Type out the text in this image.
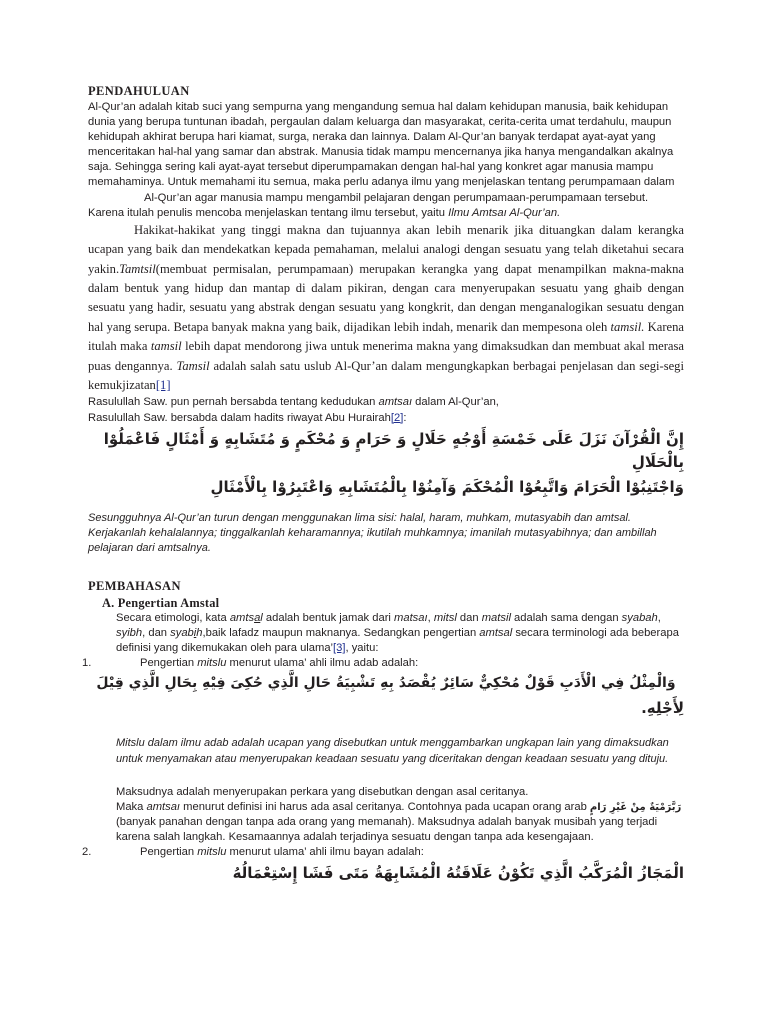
PENDAHULUAN

Al-Qur’an adalah kitab suci yang sempurna yang mengandung semua hal dalam kehidupan manusia, baik kehidupan dunia yang berupa tuntunan ibadah, pergaulan dalam keluarga dan masyarakat, cerita-cerita umat terdahulu, maupun kehidupah akhirat berupa hari kiamat, surga, neraka dan lainnya. Dalam Al-Qur’an banyak terdapat ayat-ayat yang menceritakan hal-hal yang samar dan abstrak. Manusia tidak mampu mencernanya jika hanya mengandalkan akalnya saja. Sehingga sering kali ayat-ayat tersebut diperumpamakan dengan hal-hal yang konkret agar manusia mampu memahaminya. Untuk memahami itu semua, maka perlu adanya ilmu yang menjelaskan tentang perumpamaan dalamAl-Qur’an agar manusia mampu mengambil pelajaran dengan perumpamaan-perumpamaan tersebut. Karena itulah penulis mencoba menjelaskan tentang ilmu tersebut, yaitu Ilmu Amtsaı Al-Qur’an.

Hakikat-hakikat yang tinggi makna dan tujuannya akan lebih menarik jika dituangkan dalam kerangka ucapan yang baik dan mendekatkan kepada pemahaman, melalui analogi dengan sesuatu yang telah diketahui secara yakin.Tamtsil(membuat permisalan, perumpamaan) merupakan kerangka yang dapat menampilkan makna-makna dalam bentuk yang hidup dan mantap di dalam pikiran, dengan cara menyerupakan sesuatu yang ghaib dengan sesuatu yang hadir, sesuatu yang abstrak dengan sesuatu yang kongkrit, dan dengan menganalogikan sesuatu dengan hal yang serupa. Betapa banyak makna yang baik, dijadikan lebih indah, menarik dan mempesona oleh tamsil. Karena itulah maka tamsil lebih dapat mendorong jiwa untuk menerima makna yang dimaksudkan dan membuat akal merasa puas dengannya. Tamsil adalah salah satu uslub Al-Qur’an dalam mengungkapkan berbagai penjelasan dan segi-segi kemukjizatan[1]

Rasulullah Saw. pun pernah bersabda tentang kedudukan amtsaı dalam Al-Qur’an,

Rasulullah Saw. bersabda dalam hadits riwayat Abu Hurairah[2]:

إِنَّ الْقُرْآنَ نَزَلَ عَلَى خَمْسَةِ أَوْجُهٍ حَلَالٍ وَ حَرَامٍ وَ مُحْكَمٍ وَ مُتَشَابِهٍ وَ أَمْثَالٍ فَاعْمَلُوْا بِالْحَلَالِ
وَاجْتَنِبُوْا الْحَرَامَ وَاتَّبِعُوْا الْمُحْكَمَ وَآمِنُوْا بِالْمُتَشَابِهِ وَاعْتَبِرُوْا بِالْأَمْثَالِ

Sesungguhnya Al-Qur’an turun dengan menggunakan lima sisi: halal, haram, muhkam, mutasyabih dan amtsal. Kerjakanlah kehalalannya; tinggalkanlah keharamannya; ikutilah muhkamnya; imanilah mutasyabihnya; dan ambillah pelajaran dari amtsalnya.

PEMBAHASAN
A. Pengertian Amstal

Secara etimologi, kata amtsal adalah bentuk jamak dari matsaı, mitsl dan matsil adalah sama dengan syabah, syibh, dan syabih,baik lafadz maupun maknanya. Sedangkan pengertian amtsal secara terminologi ada beberapa definisi yang dikemukakan oleh para ulama’[3], yaitu:

1.	Pengertian mitslu menurut ulama’ ahli ilmu adab adalah:

وَالْمِثْلُ فِي الْأَدَبِ قَوْلٌ مُحْكِيٌّ سَائِرٌ يُقْصَدُ بِهِ تَشْبِيَةُ حَالِ الَّذِي حُكِىَ فِيْهِ بِحَالِ الَّذِي قِيْلَ
لِأَجْلِهِ.

Mitslu dalam ilmu adab adalah ucapan yang disebutkan untuk menggambarkan ungkapan lain yang dimaksudkan untuk menyamakan atau menyerupakan keadaan sesuatu yang diceritakan dengan keadaan sesuatu yang dituju.

Maksudnya adalah menyerupakan perkara yang disebutkan dengan asal ceritanya.

Maka amtsaı menurut definisi ini harus ada asal ceritanya. Contohnya pada ucapan orang arab	رَبَّرَمْيَةٌ مِنْ غَيْرِ رَامٍ (banyak panahan dengan tanpa ada orang yang memanah). Maksudnya adalah banyak musibah yang terjadi karena salah langkah. Kesamaannya adalah terjadinya sesuatu dengan tanpa ada kesengajaan.

2.	Pengertian mitslu menurut ulama’ ahli ilmu bayan adalah:

الْمَجَازُ الْمُرَكَّبُ الَّذِي تَكُوْنُ عَلَاقَتُهُ الْمُشَابِهَةُ مَتَى فَشَا إِسْتِعْمَالُهُ
